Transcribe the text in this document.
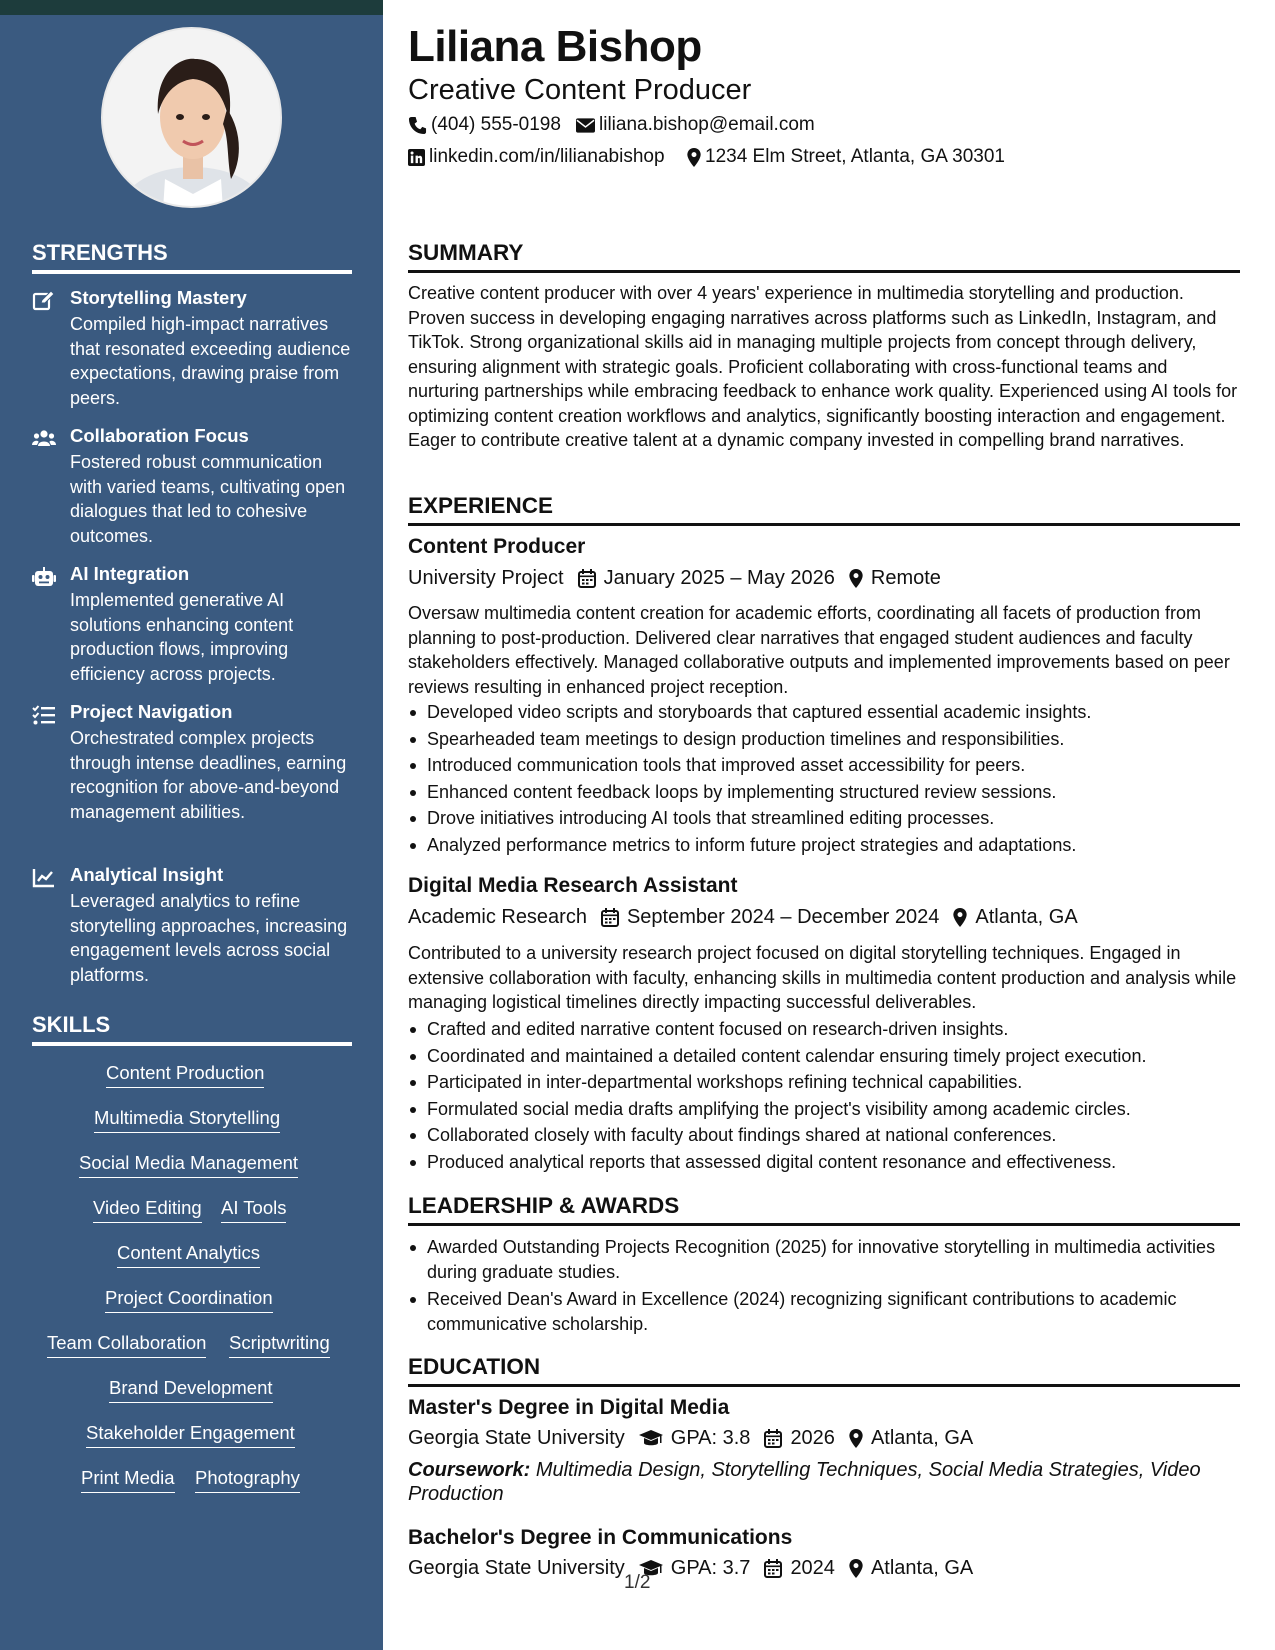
STRENGTHS
Storytelling Mastery
Compiled high-impact narratives that resonated exceeding audience expectations, drawing praise from peers.
Collaboration Focus
Fostered robust communication with varied teams, cultivating open dialogues that led to cohesive outcomes.
AI Integration
Implemented generative AI solutions enhancing content production flows, improving efficiency across projects.
Project Navigation
Orchestrated complex projects through intense deadlines, earning recognition for above-and-beyond management abilities.
Analytical Insight
Leveraged analytics to refine storytelling approaches, increasing engagement levels across social platforms.
SKILLS
Content Production
Multimedia Storytelling
Social Media Management
Video Editing AI Tools
Content Analytics
Project Coordination
Team Collaboration Scriptwriting
Brand Development
Stakeholder Engagement
Print Media Photography
Liliana Bishop
Creative Content Producer
(404) 555-0198 liliana.bishop@email.com
linkedin.com/in/lilianabishop 1234 Elm Street, Atlanta, GA 30301
SUMMARY
Creative content producer with over 4 years' experience in multimedia storytelling and production. Proven success in developing engaging narratives across platforms such as LinkedIn, Instagram, and TikTok. Strong organizational skills aid in managing multiple projects from concept through delivery, ensuring alignment with strategic goals. Proficient collaborating with cross-functional teams and nurturing partnerships while embracing feedback to enhance work quality. Experienced using AI tools for optimizing content creation workflows and analytics, significantly boosting interaction and engagement. Eager to contribute creative talent at a dynamic company invested in compelling brand narratives.
EXPERIENCE
Content Producer
University Project January 2025 – May 2026 Remote
Oversaw multimedia content creation for academic efforts, coordinating all facets of production from planning to post-production. Delivered clear narratives that engaged student audiences and faculty stakeholders effectively. Managed collaborative outputs and implemented improvements based on peer reviews resulting in enhanced project reception.
Developed video scripts and storyboards that captured essential academic insights.
Spearheaded team meetings to design production timelines and responsibilities.
Introduced communication tools that improved asset accessibility for peers.
Enhanced content feedback loops by implementing structured review sessions.
Drove initiatives introducing AI tools that streamlined editing processes.
Analyzed performance metrics to inform future project strategies and adaptations.
Digital Media Research Assistant
Academic Research September 2024 – December 2024 Atlanta, GA
Contributed to a university research project focused on digital storytelling techniques. Engaged in extensive collaboration with faculty, enhancing skills in multimedia content production and analysis while managing logistical timelines directly impacting successful deliverables.
Crafted and edited narrative content focused on research-driven insights.
Coordinated and maintained a detailed content calendar ensuring timely project execution.
Participated in inter-departmental workshops refining technical capabilities.
Formulated social media drafts amplifying the project's visibility among academic circles.
Collaborated closely with faculty about findings shared at national conferences.
Produced analytical reports that assessed digital content resonance and effectiveness.
LEADERSHIP & AWARDS
Awarded Outstanding Projects Recognition (2025) for innovative storytelling in multimedia activities during graduate studies.
Received Dean's Award in Excellence (2024) recognizing significant contributions to academic communicative scholarship.
EDUCATION
Master's Degree in Digital Media
Georgia State University GPA: 3.8 2026 Atlanta, GA
Coursework: Multimedia Design, Storytelling Techniques, Social Media Strategies, Video Production
Bachelor's Degree in Communications
Georgia State University GPA: 3.7 2024 Atlanta, GA
1/2
